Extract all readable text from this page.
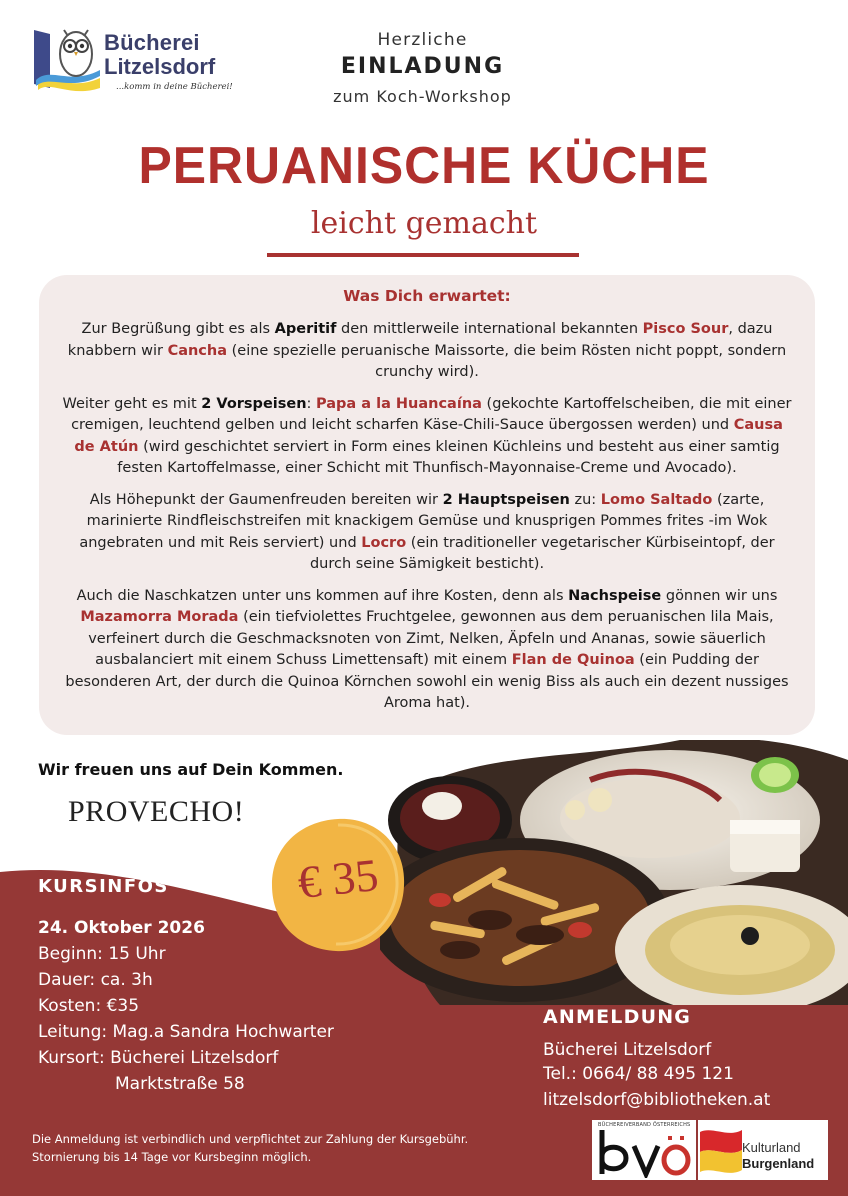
Bücherei
Litzelsdorf
...komm in deine Bücherei!
Herzliche
EINLADUNG
zum Koch-Workshop
PERUANISCHE KÜCHE
leicht gemacht
Was Dich erwartet:

Zur Begrüßung gibt es als Aperitif den mittlerweile international bekannten Pisco Sour, dazu knabbern wir Cancha (eine spezielle peruanische Maissorte, die beim Rösten nicht poppt, sondern crunchy wird).

Weiter geht es mit 2 Vorspeisen: Papa a la Huancaína (gekochte Kartoffelscheiben, die mit einer cremigen, leuchtend gelben und leicht scharfen Käse-Chili-Sauce übergossen werden) und Causa de Atún (wird geschichtet serviert in Form eines kleinen Küchleins und besteht aus einer samtig festen Kartoffelmasse, einer Schicht mit Thunfisch-Mayonnaise-Creme und Avocado).

Als Höhepunkt der Gaumenfreuden bereiten wir 2 Hauptspeisen zu: Lomo Saltado (zarte, marinierte Rindfleischstreifen mit knackigem Gemüse und knusprigen Pommes frites -im Wok angebraten und mit Reis serviert) und Locro (ein traditioneller vegetarischer Kürbiseintopf, der durch seine Sämigkeit besticht).

Auch die Naschkatzen unter uns kommen auf ihre Kosten, denn als Nachspeise gönnen wir uns Mazamorra Morada (ein tiefviolettes Fruchtgelee, gewonnen aus dem peruanischen lila Mais, verfeinert durch die Geschmacksnoten von Zimt, Nelken, Äpfeln und Ananas, sowie säuerlich ausbalanciert mit einem Schuss Limettensaft) mit einem Flan de Quinoa (ein Pudding der besonderen Art, der durch die Quinoa Körnchen sowohl ein wenig Biss als auch ein dezent nussiges Aroma hat).

Wir freuen uns auf Dein Kommen.
PROVECHO!
€ 35
KURSINFOS
24. Oktober 2026
Beginn: 15 Uhr
Dauer: ca. 3h
Kosten: €35
Leitung: Mag.a Sandra Hochwarter
Kursort: Bücherei Litzelsdorf
Marktstraße 58
ANMELDUNG
Bücherei Litzelsdorf
Tel.: 0664/ 88 495 121
litzelsdorf@bibliotheken.at
Die Anmeldung ist verbindlich und verpflichtet zur Zahlung der Kursgebühr.
Stornierung bis 14 Tage vor Kursbeginn möglich.
BÜCHEREIVERBAND ÖSTERREICHS
Kulturland
Burgenland
